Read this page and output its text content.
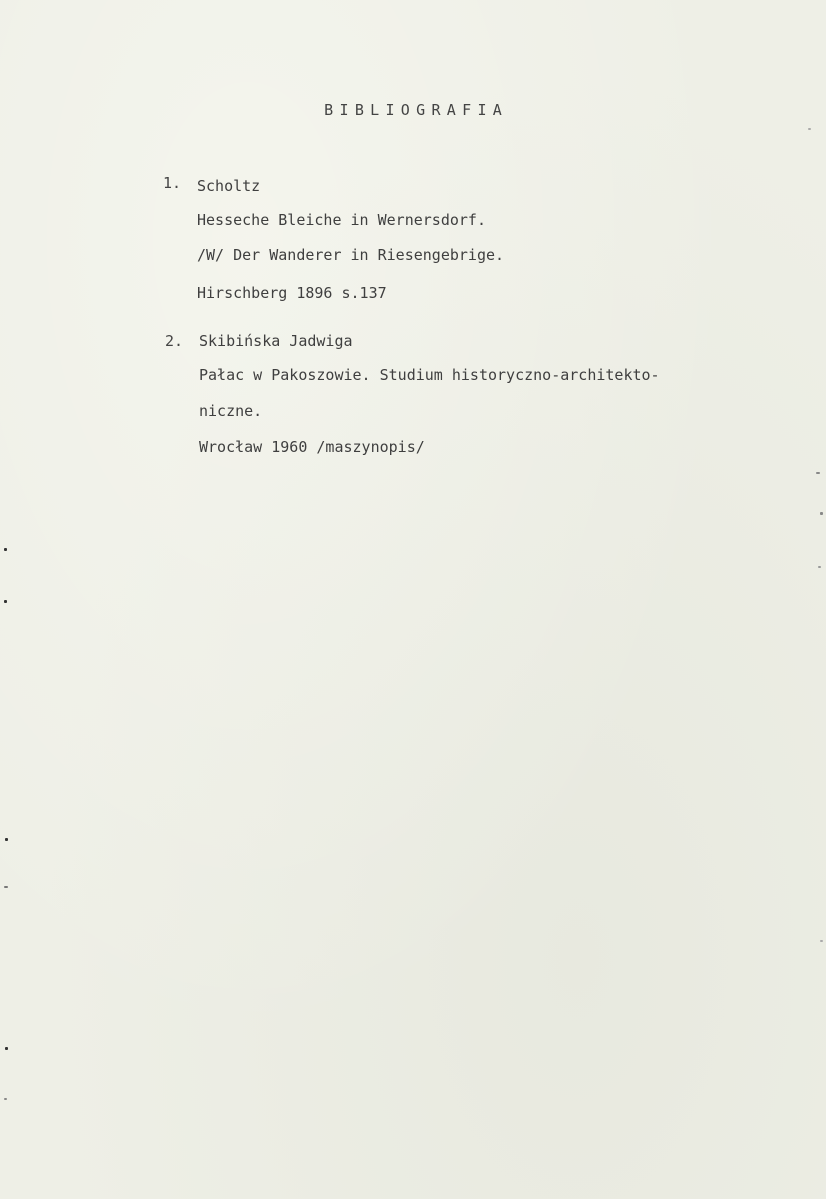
BIBLIOGRAFIA
1. Scholtz
Hesseche Bleiche in Wernersdorf.
/W/ Der Wanderer in Riesengebrige.
Hirschberg 1896 s.137
2. Skibińska Jadwiga
Pałac w Pakoszowie. Studium historyczno-architekto-
niczne.
Wrocław 1960 /maszynopis/
